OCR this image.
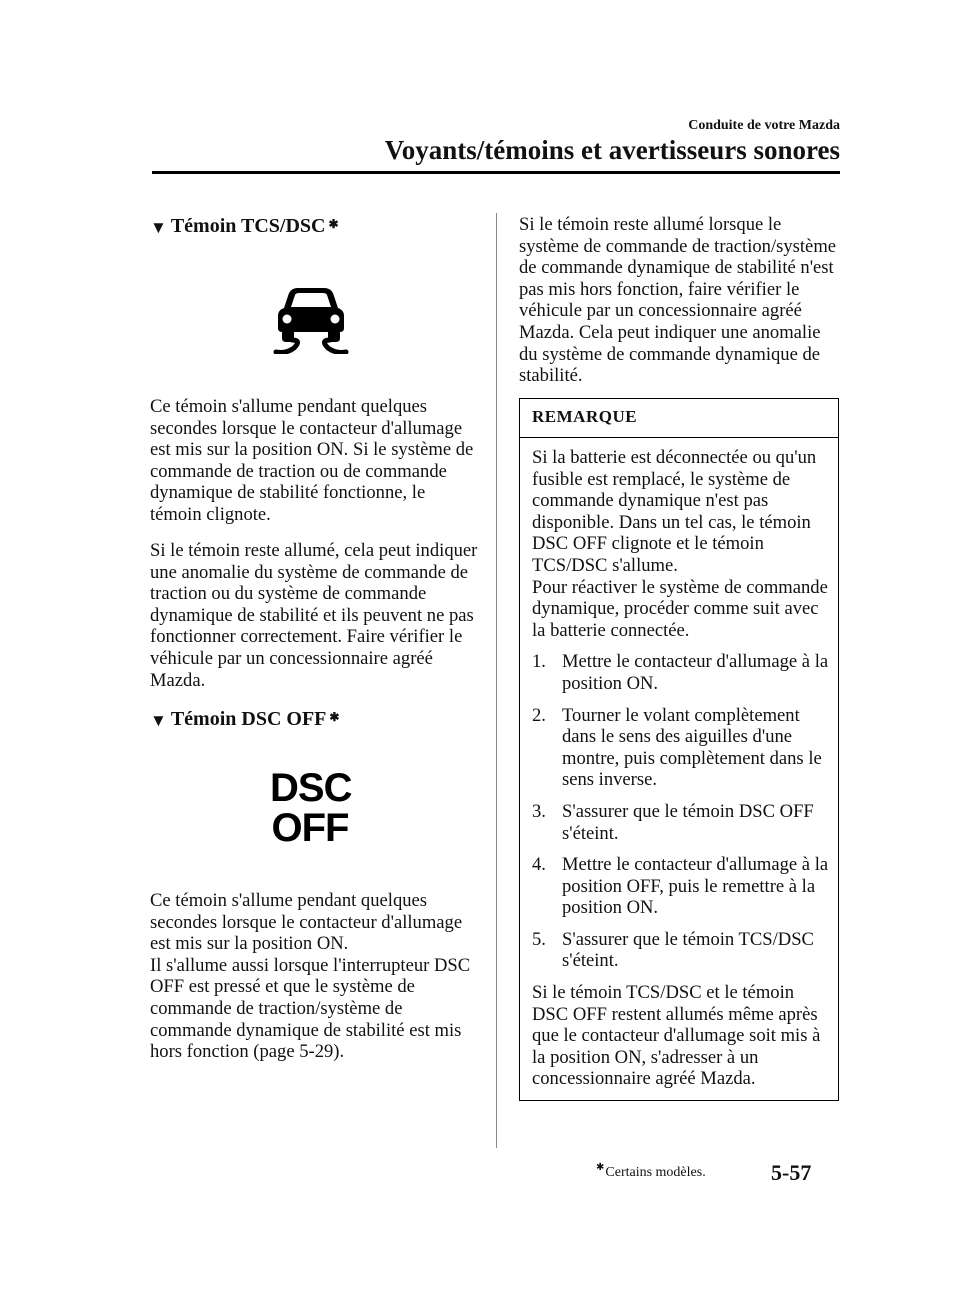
Conduite de votre Mazda
Voyants/témoins et avertisseurs sonores
▼ Témoin TCS/DSC ✱

Ce témoin s'allume pendant quelques secondes lorsque le contacteur d'allumage est mis sur la position ON. Si le système de commande de traction ou de commande dynamique de stabilité fonctionne, le témoin clignote.

Si le témoin reste allumé, cela peut indiquer une anomalie du système de commande de traction ou du système de commande dynamique de stabilité et ils peuvent ne pas fonctionner correctement. Faire vérifier le véhicule par un concessionnaire agréé Mazda.

▼ Témoin DSC OFF ✱
DSC
OFF

Ce témoin s'allume pendant quelques secondes lorsque le contacteur d'allumage est mis sur la position ON.

Il s'allume aussi lorsque l'interrupteur DSC OFF est pressé et que le système de commande de traction/système de commande dynamique de stabilité est mis hors fonction (page 5-29).

Si le témoin reste allumé lorsque le système de commande de traction/système de commande dynamique de stabilité n'est pas mis hors fonction, faire vérifier le véhicule par un concessionnaire agréé Mazda. Cela peut indiquer une anomalie du système de commande dynamique de stabilité.

REMARQUE

Si la batterie est déconnectée ou qu'un fusible est remplacé, le système de commande dynamique n'est pas disponible. Dans un tel cas, le témoin DSC OFF clignote et le témoin TCS/DSC s'allume.

Pour réactiver le système de commande dynamique, procéder comme suit avec la batterie connectée.

1. Mettre le contacteur d'allumage à la position ON.
2. Tourner le volant complètement dans le sens des aiguilles d'une montre, puis complètement dans le sens inverse.
3. S'assurer que le témoin DSC OFF s'éteint.
4. Mettre le contacteur d'allumage à la position OFF, puis le remettre à la position ON.
5. S'assurer que le témoin TCS/DSC s'éteint.

Si le témoin TCS/DSC et le témoin DSC OFF restent allumés même après que le contacteur d'allumage soit mis à la position ON, s'adresser à un concessionnaire agréé Mazda.

✱ Certains modèles.	5-57
